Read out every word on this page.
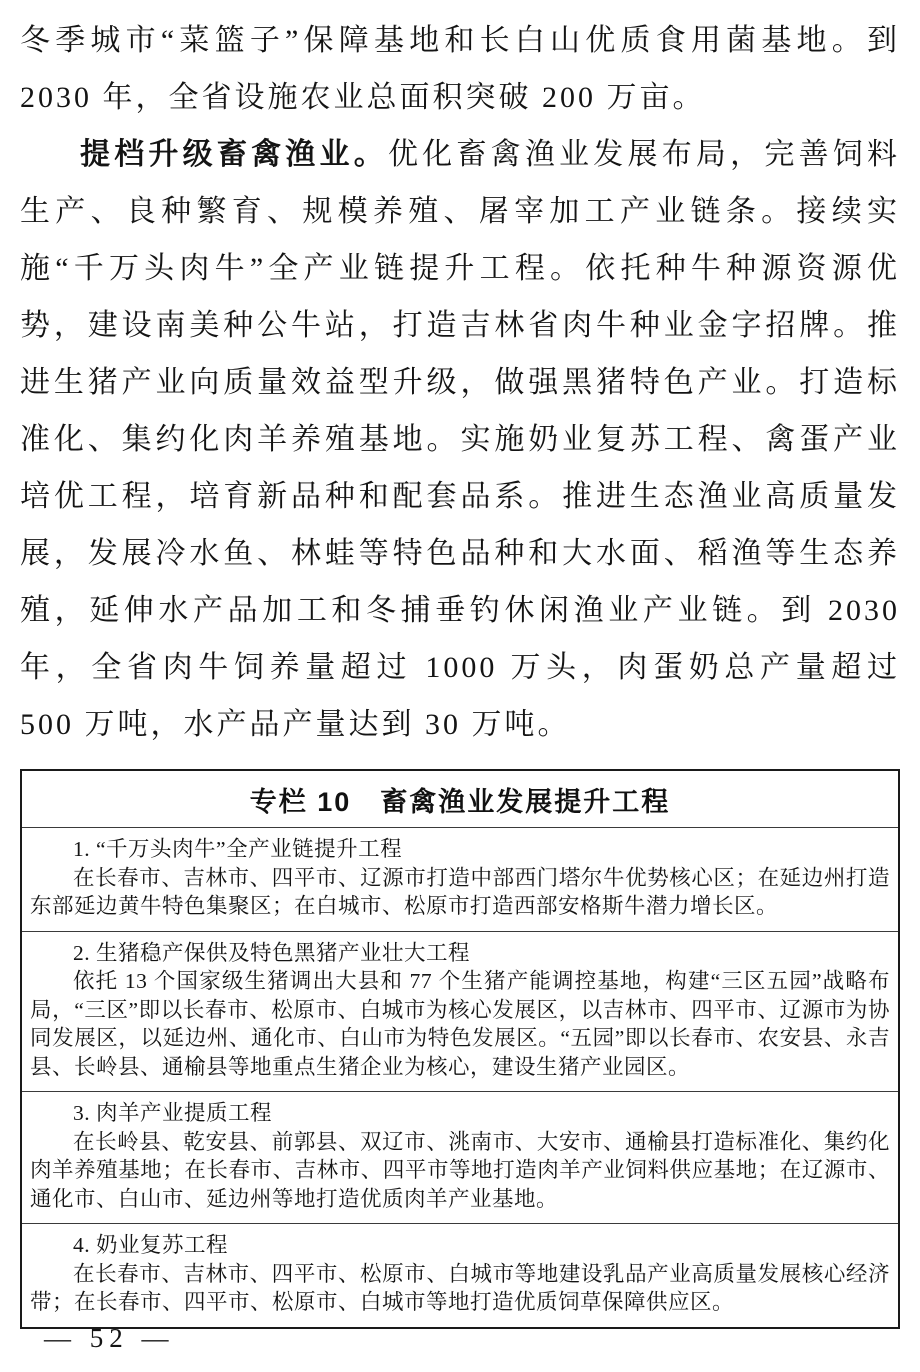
冬季城市“菜篮子”保障基地和长白山优质食用菌基地。到 2030 年，全省设施农业总面积突破 200 万亩。

提档升级畜禽渔业。优化畜禽渔业发展布局，完善饲料生产、良种繁育、规模养殖、屠宰加工产业链条。接续实施“千万头肉牛”全产业链提升工程。依托种牛种源资源优势，建设南美种公牛站，打造吉林省肉牛种业金字招牌。推进生猪产业向质量效益型升级，做强黑猪特色产业。打造标准化、集约化肉羊养殖基地。实施奶业复苏工程、禽蛋产业培优工程，培育新品种和配套品系。推进生态渔业高质量发展，发展冷水鱼、林蛙等特色品种和大水面、稻渔等生态养殖，延伸水产品加工和冬捕垂钓休闲渔业产业链。到 2030 年，全省肉牛饲养量超过 1000 万头，肉蛋奶总产量超过 500 万吨，水产品产量达到 30 万吨。

专栏 10　畜禽渔业发展提升工程

1. “千万头肉牛”全产业链提升工程

在长春市、吉林市、四平市、辽源市打造中部西门塔尔牛优势核心区；在延边州打造东部延边黄牛特色集聚区；在白城市、松原市打造西部安格斯牛潜力增长区。

2. 生猪稳产保供及特色黑猪产业壮大工程

依托 13 个国家级生猪调出大县和 77 个生猪产能调控基地，构建“三区五园”战略布局，“三区”即以长春市、松原市、白城市为核心发展区，以吉林市、四平市、辽源市为协同发展区，以延边州、通化市、白山市为特色发展区。“五园”即以长春市、农安县、永吉县、长岭县、通榆县等地重点生猪企业为核心，建设生猪产业园区。

3. 肉羊产业提质工程

在长岭县、乾安县、前郭县、双辽市、洮南市、大安市、通榆县打造标准化、集约化肉羊养殖基地；在长春市、吉林市、四平市等地打造肉羊产业饲料供应基地；在辽源市、通化市、白山市、延边州等地打造优质肉羊产业基地。

4. 奶业复苏工程

在长春市、吉林市、四平市、松原市、白城市等地建设乳品产业高质量发展核心经济带；在长春市、四平市、松原市、白城市等地打造优质饲草保障供应区。

— 52 —
